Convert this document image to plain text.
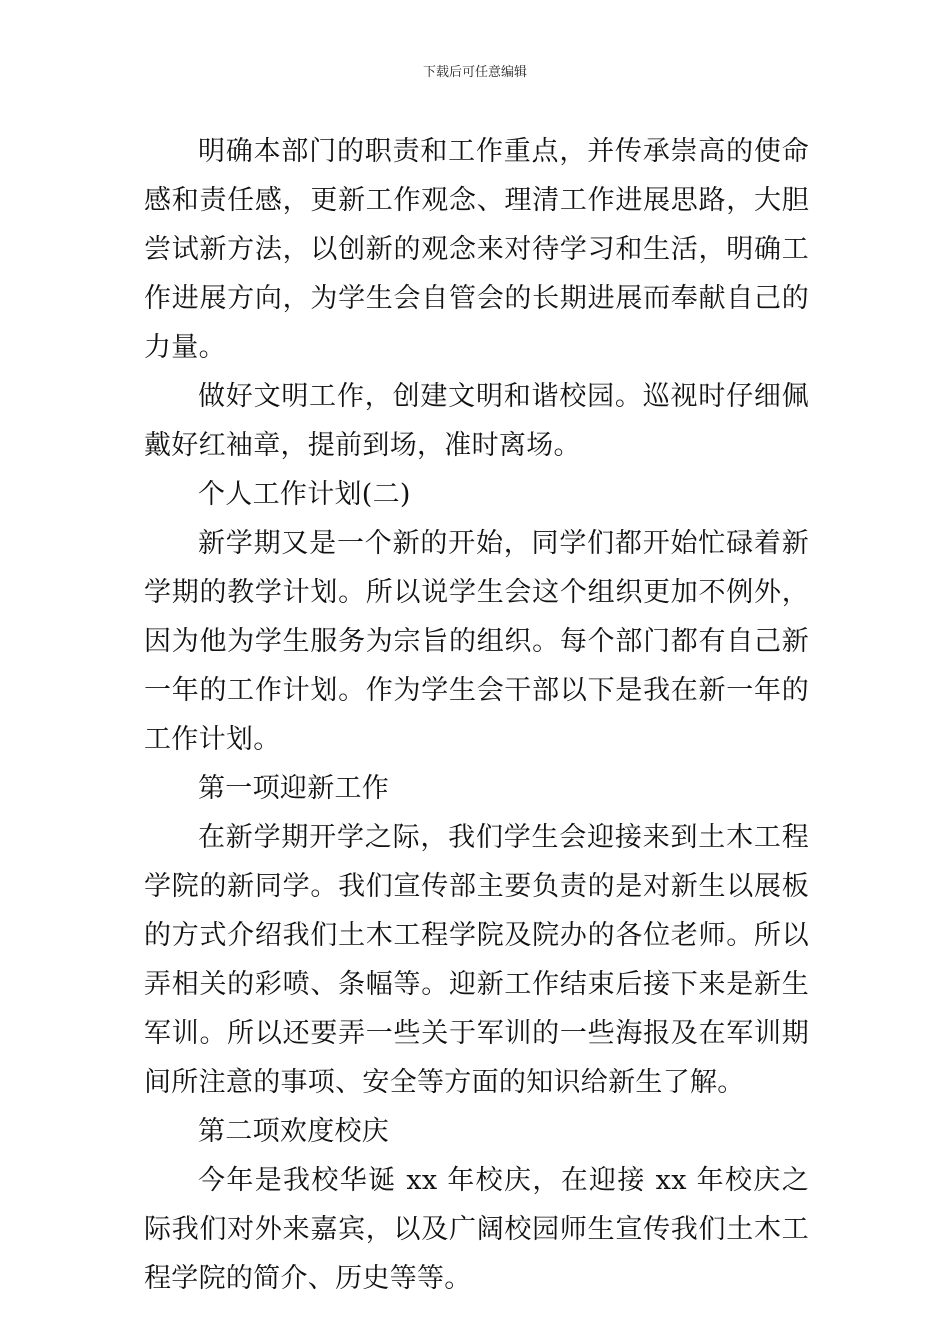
下载后可任意编辑

明确本部门的职责和工作重点，并传承崇高的使命感和责任感，更新工作观念、理清工作进展思路，大胆尝试新方法，以创新的观念来对待学习和生活，明确工作进展方向，为学生会自管会的长期进展而奉献自己的力量。

做好文明工作，创建文明和谐校园。巡视时仔细佩戴好红袖章，提前到场，准时离场。

个人工作计划(二)

新学期又是一个新的开始，同学们都开始忙碌着新学期的教学计划。所以说学生会这个组织更加不例外，因为他为学生服务为宗旨的组织。每个部门都有自己新一年的工作计划。作为学生会干部以下是我在新一年的工作计划。

第一项迎新工作

在新学期开学之际，我们学生会迎接来到土木工程学院的新同学。我们宣传部主要负责的是对新生以展板的方式介绍我们土木工程学院及院办的各位老师。所以弄相关的彩喷、条幅等。迎新工作结束后接下来是新生军训。所以还要弄一些关于军训的一些海报及在军训期间所注意的事项、安全等方面的知识给新生了解。

第二项欢度校庆

今年是我校华诞 xx 年校庆，在迎接 xx 年校庆之际我们对外来嘉宾，以及广阔校园师生宣传我们土木工程学院的简介、历史等等。
